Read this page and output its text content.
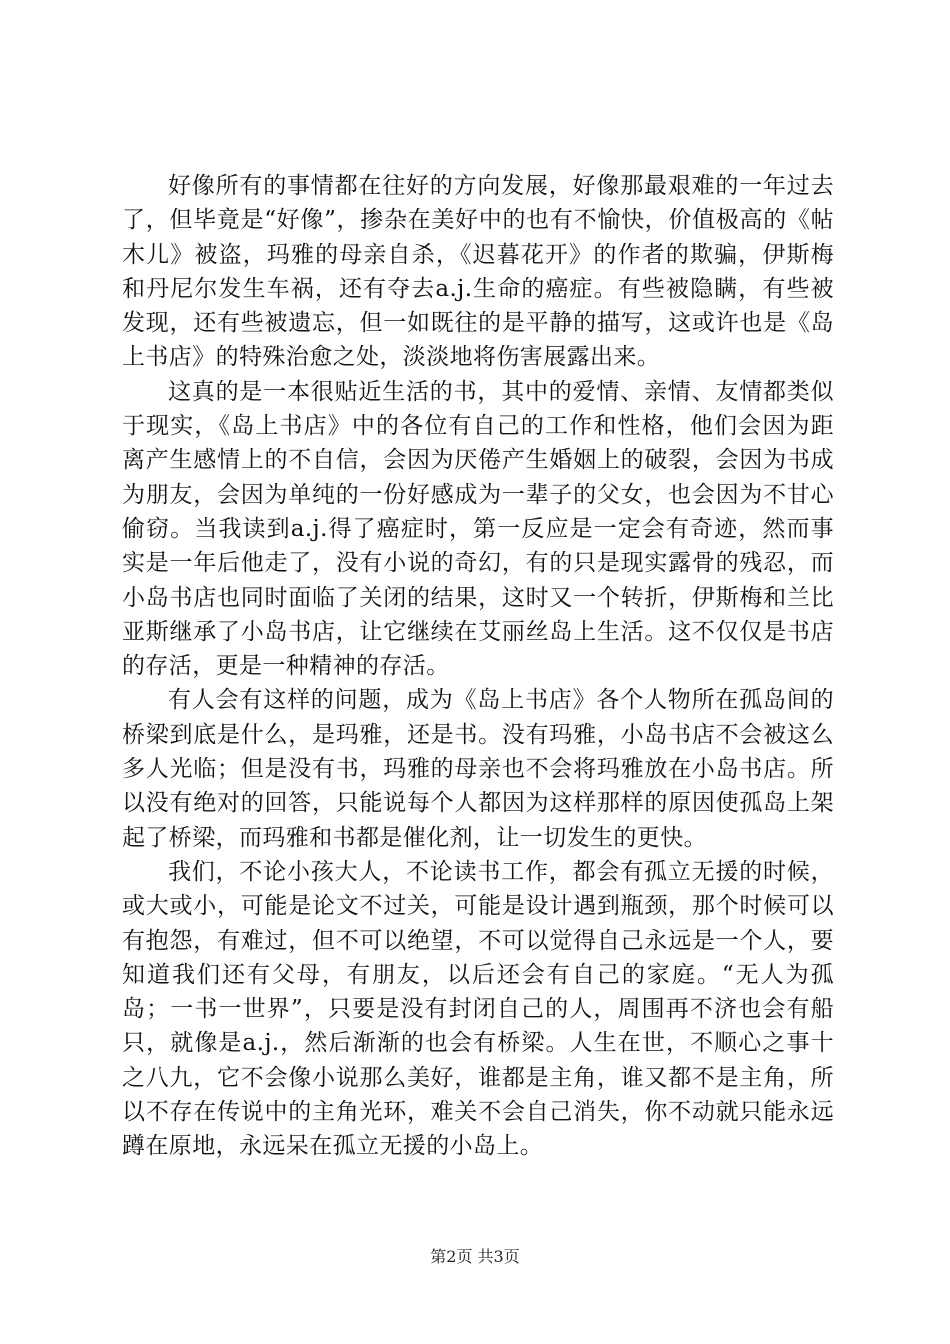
好像所有的事情都在往好的方向发展，好像那最艰难的一年过去了，但毕竟是“好像”，掺杂在美好中的也有不愉快，价值极高的《帖木儿》被盗，玛雅的母亲自杀，《迟暮花开》的作者的欺骗，伊斯梅和丹尼尔发生车祸，还有夺去a.j.生命的癌症。有些被隐瞒，有些被发现，还有些被遗忘，但一如既往的是平静的描写，这或许也是《岛上书店》的特殊治愈之处，淡淡地将伤害展露出来。

这真的是一本很贴近生活的书，其中的爱情、亲情、友情都类似于现实，《岛上书店》中的各位有自己的工作和性格，他们会因为距离产生感情上的不自信，会因为厌倦产生婚姻上的破裂，会因为书成为朋友，会因为单纯的一份好感成为一辈子的父女，也会因为不甘心偷窃。当我读到a.j.得了癌症时，第一反应是一定会有奇迹，然而事实是一年后他走了，没有小说的奇幻，有的只是现实露骨的残忍，而小岛书店也同时面临了关闭的结果，这时又一个转折，伊斯梅和兰比亚斯继承了小岛书店，让它继续在艾丽丝岛上生活。这不仅仅是书店的存活，更是一种精神的存活。

有人会有这样的问题，成为《岛上书店》各个人物所在孤岛间的桥梁到底是什么，是玛雅，还是书。没有玛雅，小岛书店不会被这么多人光临；但是没有书，玛雅的母亲也不会将玛雅放在小岛书店。所以没有绝对的回答，只能说每个人都因为这样那样的原因使孤岛上架起了桥梁，而玛雅和书都是催化剂，让一切发生的更快。

我们，不论小孩大人，不论读书工作，都会有孤立无援的时候，或大或小，可能是论文不过关，可能是设计遇到瓶颈，那个时候可以有抱怨，有难过，但不可以绝望，不可以觉得自己永远是一个人，要知道我们还有父母，有朋友，以后还会有自己的家庭。“无人为孤岛；一书一世界”，只要是没有封闭自己的人，周围再不济也会有船只，就像是a.j.，然后渐渐的也会有桥梁。人生在世，不顺心之事十之八九，它不会像小说那么美好，谁都是主角，谁又都不是主角，所以不存在传说中的主角光环，难关不会自己消失，你不动就只能永远蹲在原地，永远呆在孤立无援的小岛上。

第2页 共3页
